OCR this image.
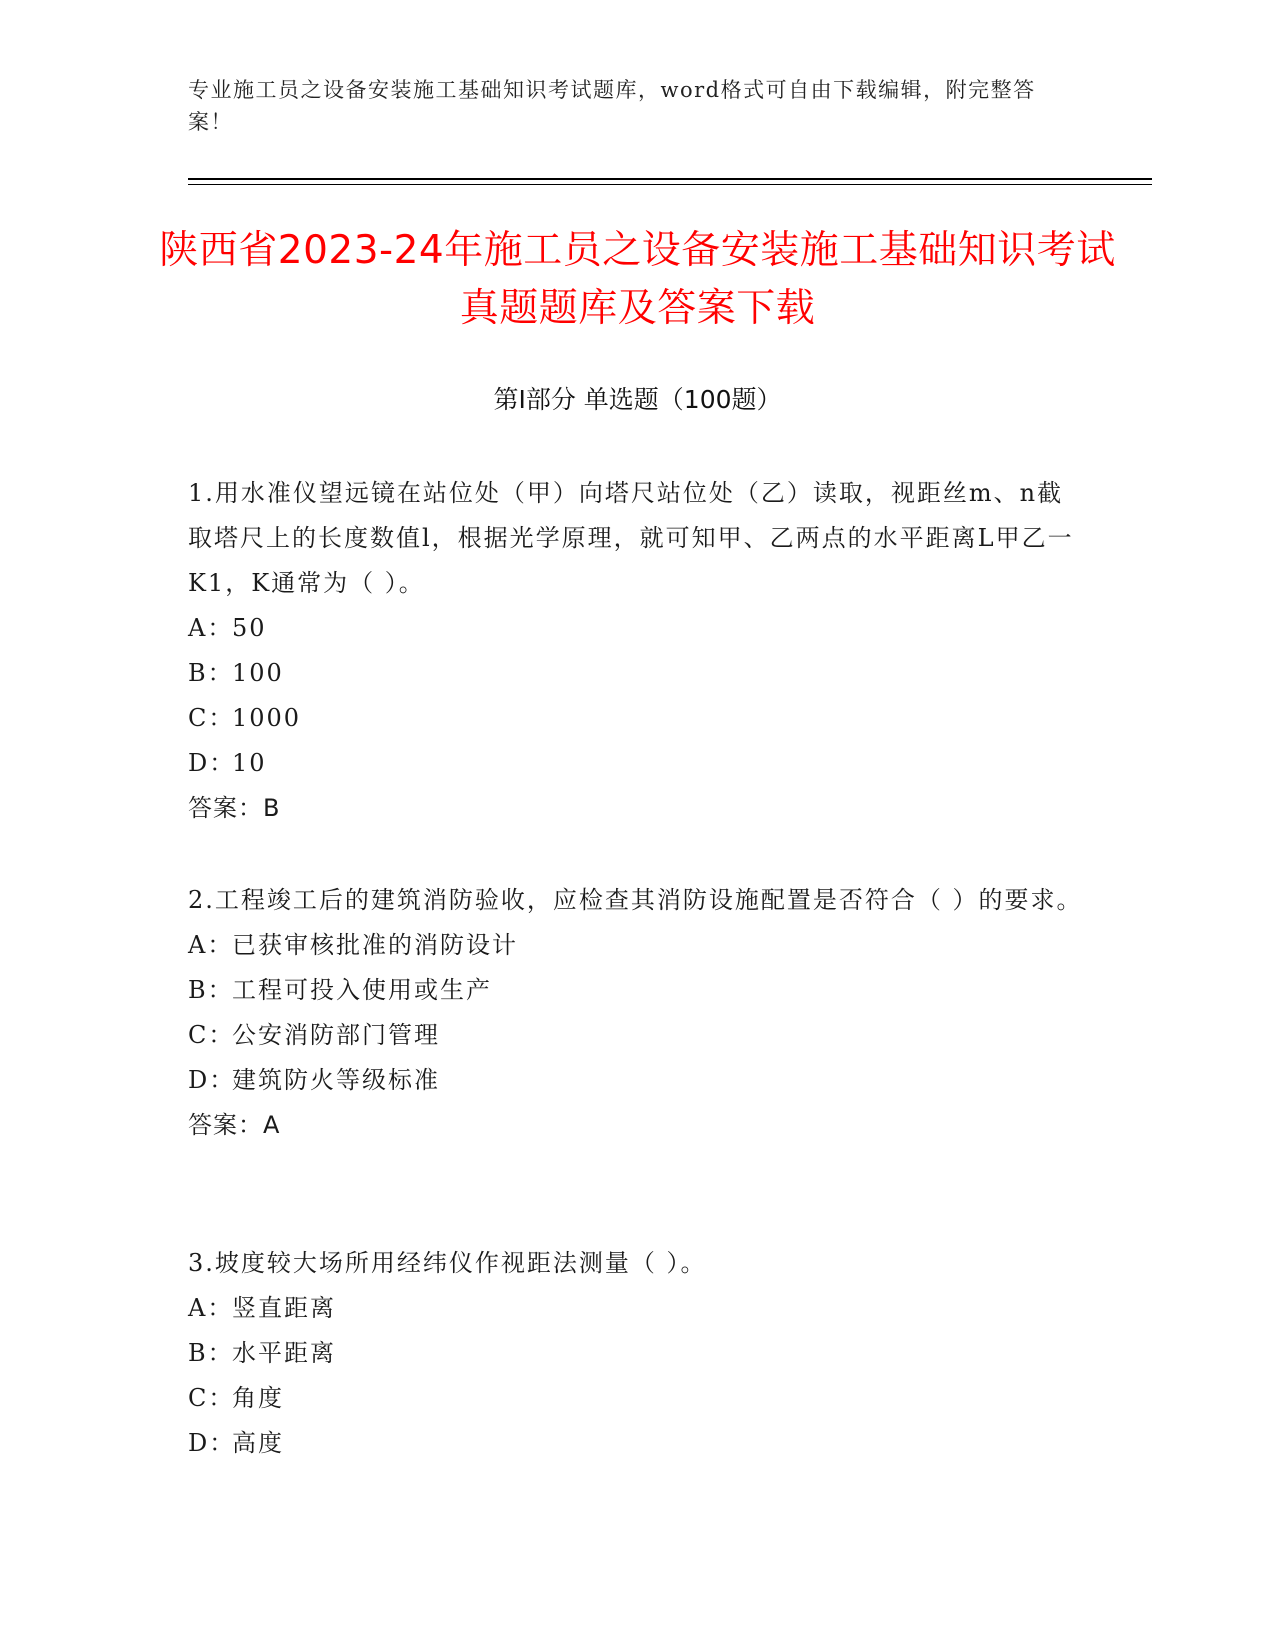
专业施工员之设备安装施工基础知识考试题库，word格式可自由下载编辑，附完整答案！
陕西省2023-24年施工员之设备安装施工基础知识考试真题题库及答案下载
第Ⅰ部分 单选题（100题）

1.用水准仪望远镜在站位处（甲）向塔尺站位处（乙）读取，视距丝m、n截取塔尺上的长度数值l，根据光学原理，就可知甲、乙两点的水平距离L甲乙一K1，K通常为（ ）。

A：50

B：100

C：1000

D：10

答案：B

2.工程竣工后的建筑消防验收，应检查其消防设施配置是否符合（ ）的要求。

A：已获审核批准的消防设计

B：工程可投入使用或生产

C：公安消防部门管理

D：建筑防火等级标准

答案：A

3.坡度较大场所用经纬仪作视距法测量（ ）。

A：竖直距离

B：水平距离

C：角度

D：高度
